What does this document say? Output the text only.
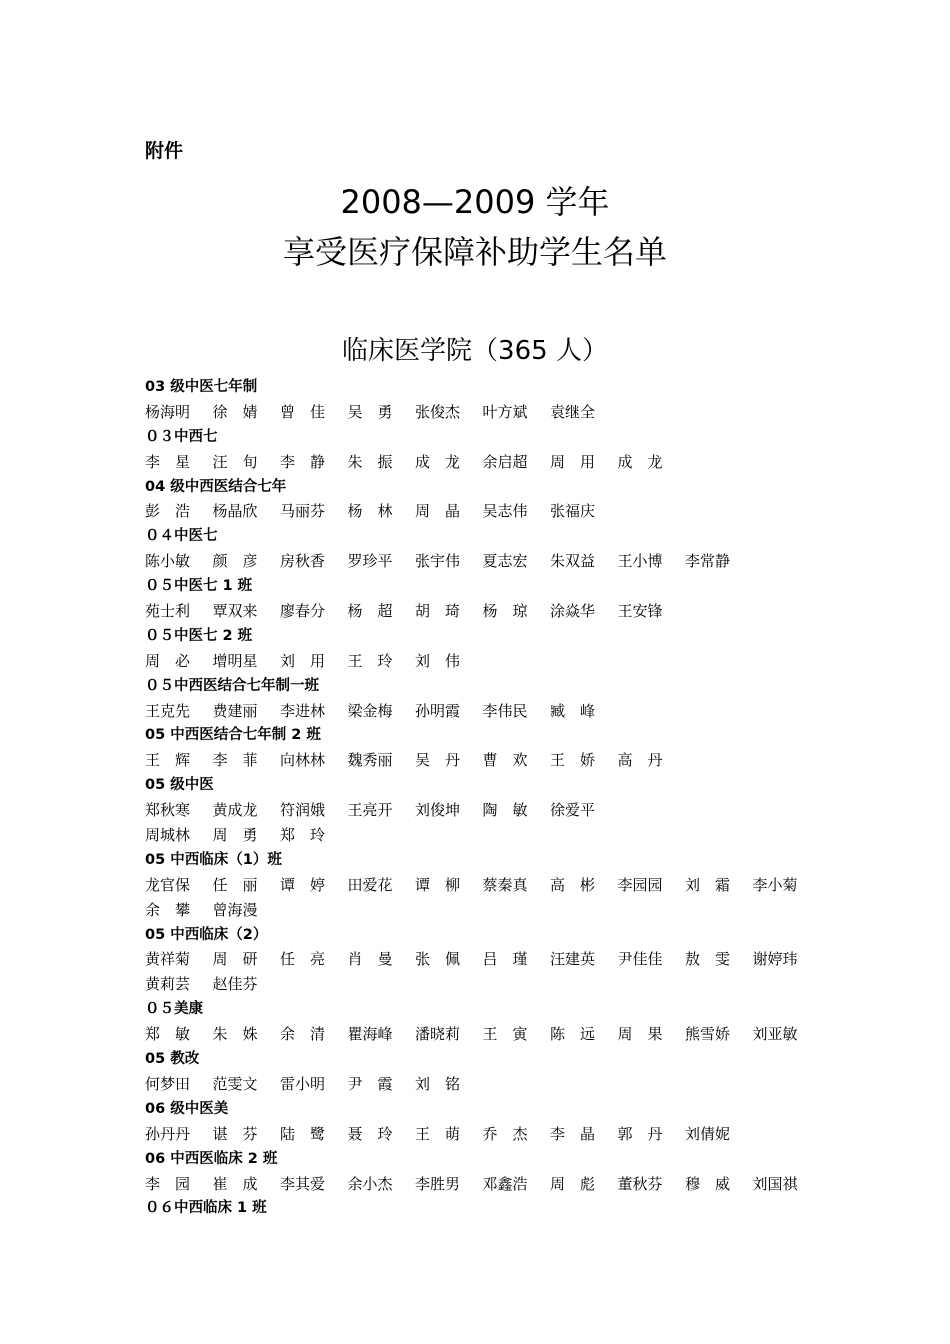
附件
2008—2009 学年
享受医疗保障补助学生名单
临床医学院（365 人）
03 级中医七年制
杨海明 徐　婧 曾　佳 吴　勇 张俊杰 叶方斌 袁继全
０３中西七
李　星 汪　旬 李　静 朱　振 成　龙 余启超 周　用 成　龙
04 级中西医结合七年
彭　浩 杨晶欣 马丽芬 杨　林 周　晶 吴志伟 张福庆
０４中医七
陈小敏 颜　彦 房秋香 罗珍平 张宇伟 夏志宏 朱双益 王小博 李常静
０５中医七 1 班
苑士利 覃双来 廖春分 杨　超 胡　琦 杨　琼 涂焱华 王安锋
０５中医七 2 班
周　必 增明星 刘　用 王　玲 刘　伟
０５中西医结合七年制一班
王克先 费建丽 李进林 梁金梅 孙明霞 李伟民 臧　峰
05 中西医结合七年制 2 班
王　辉 李　菲 向林林 魏秀丽 吴　丹 曹　欢 王　娇 高　丹
05 级中医
郑秋寒 黄成龙 符润娥 王亮开 刘俊坤 陶　敏 徐爱平
周城林 周　勇 郑　玲
05 中西临床（1）班
龙官保 任　丽 谭　婷 田爱花 谭　柳 蔡秦真 高　彬 李园园 刘　霜 李小菊
余　攀 曾海漫
05 中西临床（2）
黄祥菊 周　研 任　亮 肖　曼 张　佩 吕　瑾 汪建英 尹佳佳 敖　雯 谢婷玮
黄莉芸 赵佳芬
０５美康
郑　敏 朱　姝 余　清 瞿海峰 潘晓莉 王　寅 陈　远 周　果 熊雪娇 刘亚敏
05 教改
何梦田 范雯文 雷小明 尹　霞 刘　铭
06 级中医美
孙丹丹 谌　芬 陆　鹭 聂　玲 王　萌 乔　杰 李　晶 郭　丹 刘倩妮
06 中西医临床 2 班
李　园 崔　成 李其爱 余小杰 李胜男 邓鑫浩 周　彪 董秋芬 穆　威 刘国祺
０６中西临床 1 班
